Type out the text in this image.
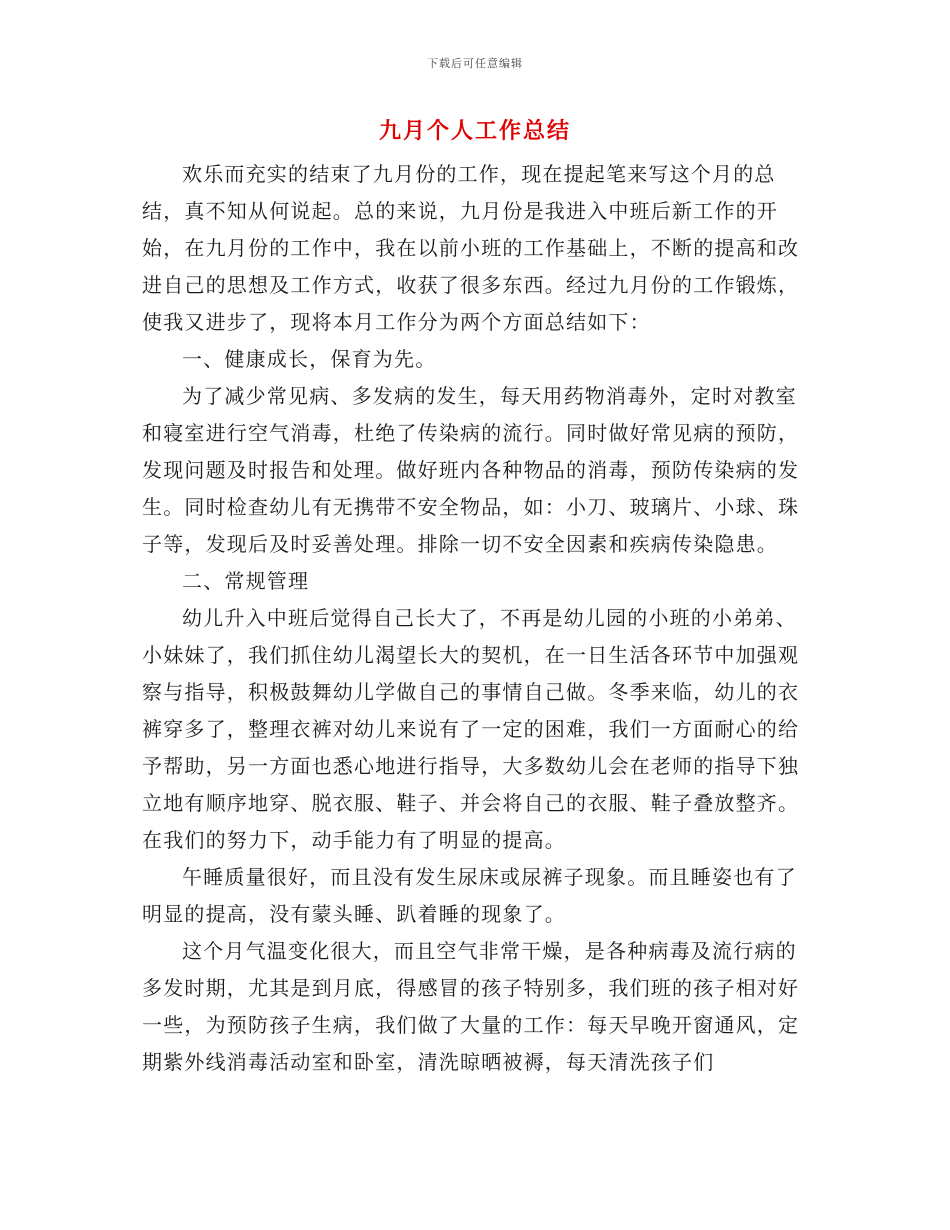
下载后可任意编辑
九月个人工作总结

欢乐而充实的结束了九月份的工作，现在提起笔来写这个月的总结，真不知从何说起。总的来说，九月份是我进入中班后新工作的开始，在九月份的工作中，我在以前小班的工作基础上，不断的提高和改进自己的思想及工作方式，收获了很多东西。经过九月份的工作锻炼，使我又进步了，现将本月工作分为两个方面总结如下：

一、健康成长，保育为先。

为了减少常见病、多发病的发生，每天用药物消毒外，定时对教室和寝室进行空气消毒，杜绝了传染病的流行。同时做好常见病的预防，发现问题及时报告和处理。做好班内各种物品的消毒，预防传染病的发生。同时检查幼儿有无携带不安全物品，如：小刀、玻璃片、小球、珠子等，发现后及时妥善处理。排除一切不安全因素和疾病传染隐患。

二、常规管理

幼儿升入中班后觉得自己长大了，不再是幼儿园的小班的小弟弟、小妹妹了，我们抓住幼儿渴望长大的契机，在一日生活各环节中加强观察与指导，积极鼓舞幼儿学做自己的事情自己做。冬季来临，幼儿的衣裤穿多了，整理衣裤对幼儿来说有了一定的困难，我们一方面耐心的给予帮助，另一方面也悉心地进行指导，大多数幼儿会在老师的指导下独立地有顺序地穿、脱衣服、鞋子、并会将自己的衣服、鞋子叠放整齐。在我们的努力下，动手能力有了明显的提高。

午睡质量很好，而且没有发生尿床或尿裤子现象。而且睡姿也有了明显的提高，没有蒙头睡、趴着睡的现象了。

这个月气温变化很大，而且空气非常干燥，是各种病毒及流行病的多发时期，尤其是到月底，得感冒的孩子特别多，我们班的孩子相对好一些，为预防孩子生病，我们做了大量的工作：每天早晚开窗通风，定期紫外线消毒活动室和卧室，清洗晾晒被褥，每天清洗孩子们
